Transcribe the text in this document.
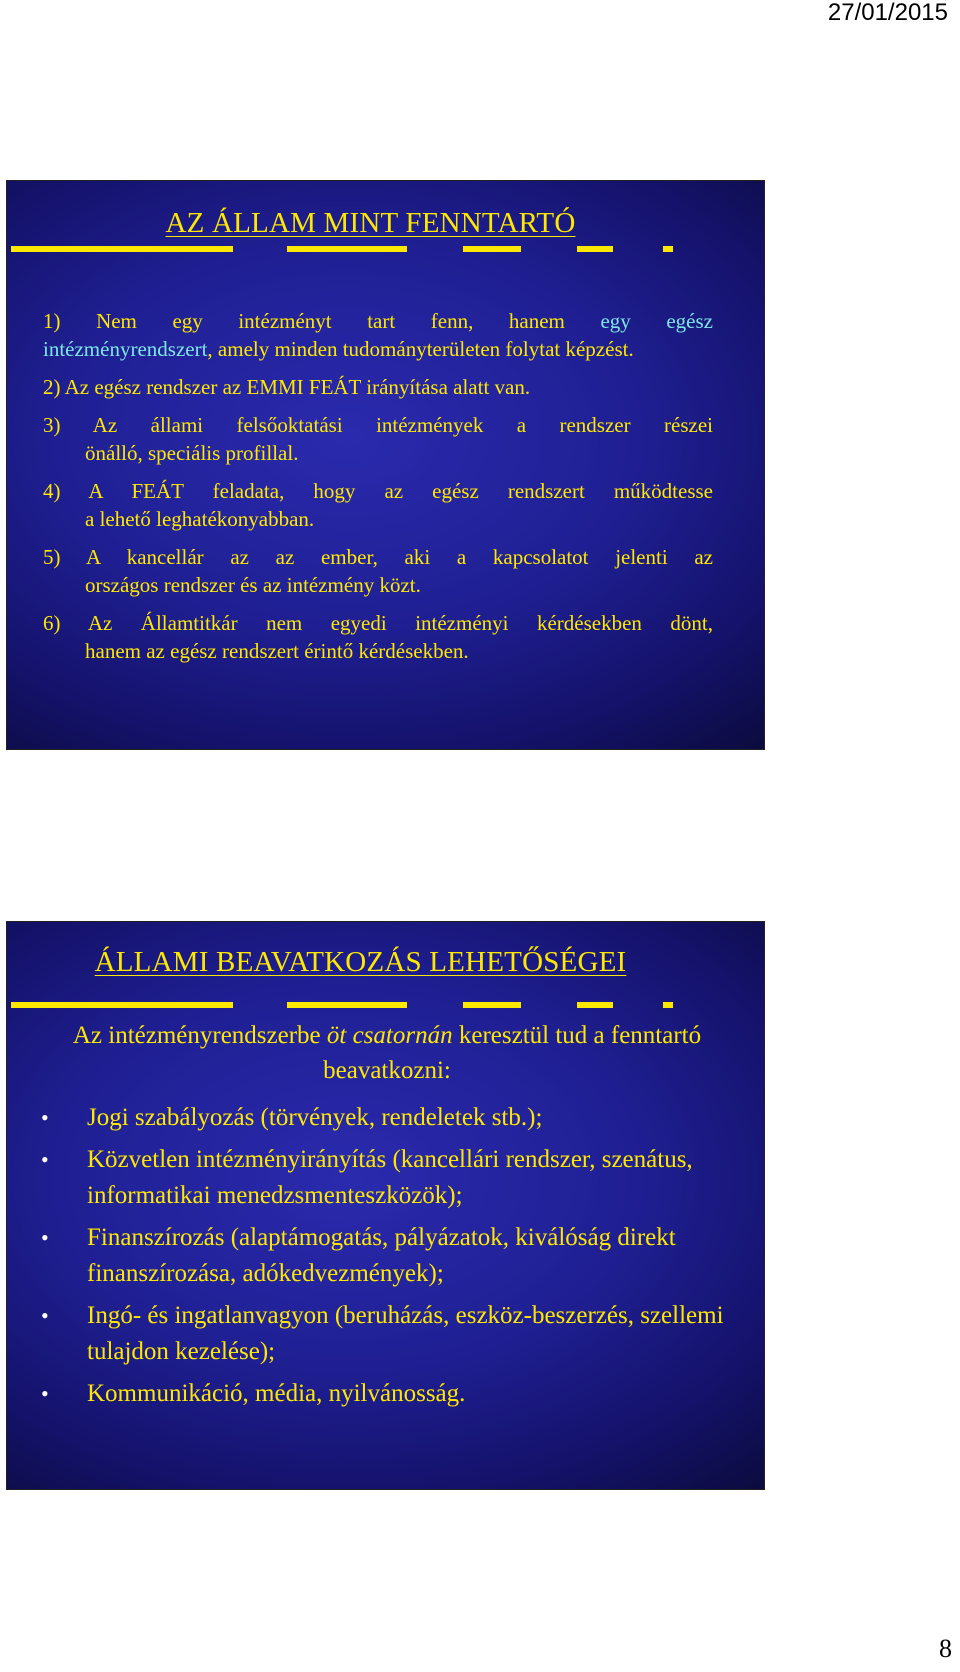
27/01/2015
AZ ÁLLAM MINT FENNTARTÓ
1) Nem egy intézményt tart fenn, hanem egy egész
intézményrendszert, amely minden tudományterületen folytat képzést.
2) Az egész rendszer az EMMI FEÁT irányítása alatt van.
3) Az állami felsőoktatási intézmények a rendszer részei
önálló, speciális profillal.
4) A FEÁT feladata, hogy az egész rendszert működtesse
a lehető leghatékonyabban.
5) A kancellár az az ember, aki a kapcsolatot jelenti az
országos rendszer és az intézmény közt.
6) Az Államtitkár nem egyedi intézményi kérdésekben dönt,
hanem az egész rendszert érintő kérdésekben.
ÁLLAMI BEAVATKOZÁS LEHETŐSÉGEI
Az intézményrendszerbe öt csatornán keresztül tud a fenntartó beavatkozni:
• Jogi szabályozás (törvények, rendeletek stb.);
• Közvetlen intézményirányítás (kancellári rendszer, szenátus, informatikai menedzsmenteszközök);
• Finanszírozás (alaptámogatás, pályázatok, kiválóság direkt finanszírozása, adókedvezmények);
• Ingó- és ingatlanvagyon (beruházás, eszköz-beszerzés, szellemi tulajdon kezelése);
• Kommunikáció, média, nyilvánosság.
8
